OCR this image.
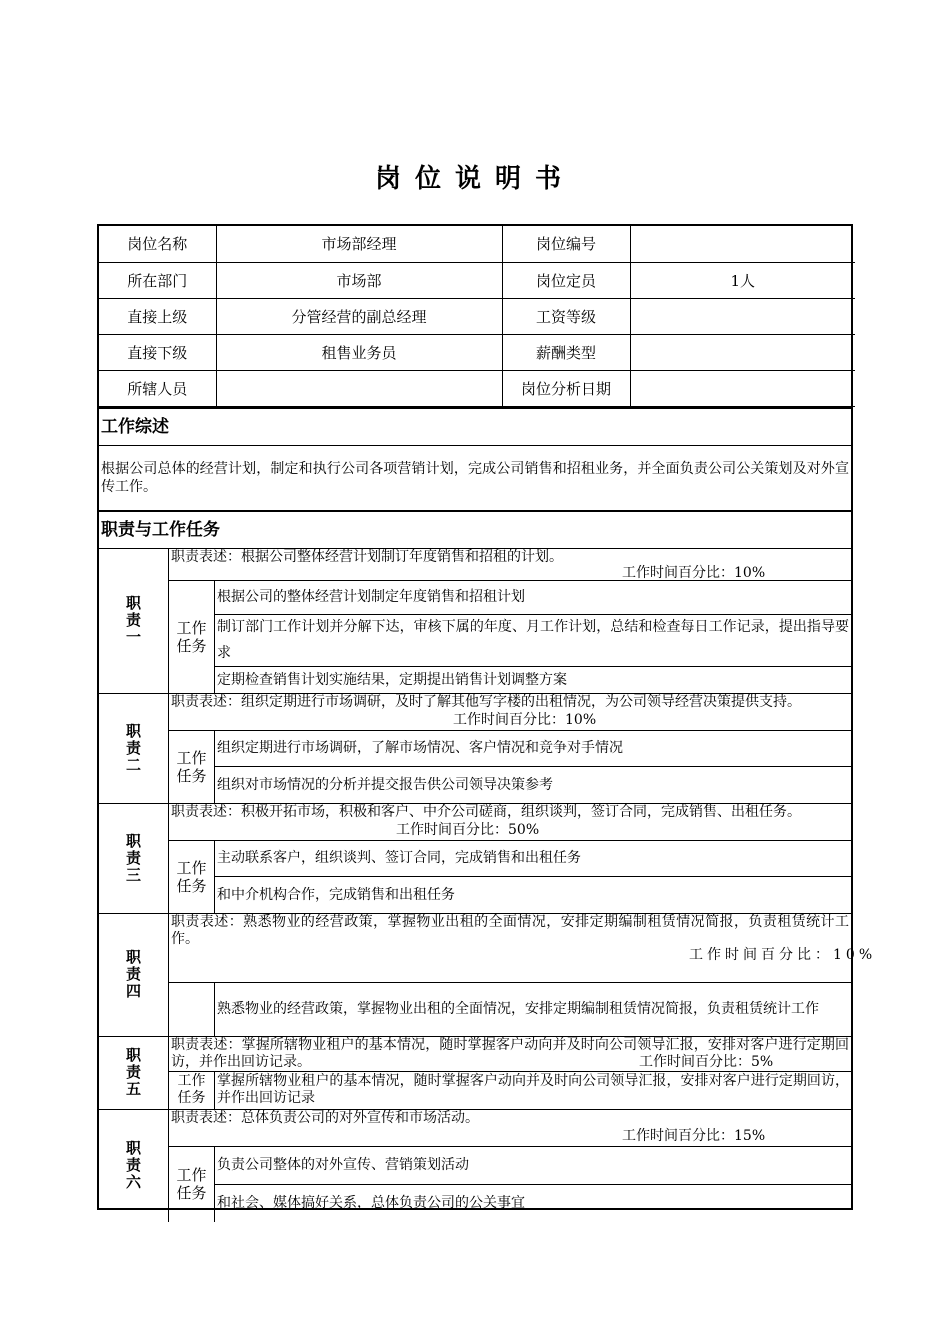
岗位说明书
岗位名称	市场部经理	岗位编号	
所在部门	市场部	岗位定员	1人
直接上级	分管经营的副总经理	工资等级	
直接下级	租售业务员	薪酬类型	
所辖人员		岗位分析日期	
工作综述
根据公司总体的经营计划，制定和执行公司各项营销计划，完成公司销售和招租业务，并全面负责公司公关策划及对外宣传工作。
职责与工作任务
职
责
一
职责表述：根据公司整体经营计划制订年度销售和招租的计划。
工作时间百分比：10%
工作
任务
根据公司的整体经营计划制定年度销售和招租计划
制订部门工作计划并分解下达，审核下属的年度、月工作计划，总结和检查每日工作记录，提出指导要求
定期检查销售计划实施结果，定期提出销售计划调整方案
职
责
二
职责表述：组织定期进行市场调研，及时了解其他写字楼的出租情况，为公司领导经营决策提供支持。
工作时间百分比：10%
工作
任务
组织定期进行市场调研，了解市场情况、客户情况和竞争对手情况
组织对市场情况的分析并提交报告供公司领导决策参考
职
责
三
职责表述：积极开拓市场，积极和客户、中介公司磋商，组织谈判，签订合同，完成销售、出租任务。
工作时间百分比：50%
工作
任务
主动联系客户，组织谈判、签订合同，完成销售和出租任务
和中介机构合作，完成销售和出租任务
职
责
四
职责表述：熟悉物业的经营政策，掌握物业出租的全面情况，安排定期编制租赁情况简报，负责租赁统计工作。
工作时间百分比：10%
熟悉物业的经营政策，掌握物业出租的全面情况，安排定期编制租赁情况简报，负责租赁统计工作
职
责
五
职责表述：掌握所辖物业租户的基本情况，随时掌握客户动向并及时向公司领导汇报，安排对客户进行定期回访，并作出回访记录。	工作时间百分比：5%
工作
任务
掌握所辖物业租户的基本情况，随时掌握客户动向并及时向公司领导汇报，安排对客户进行定期回访，并作出回访记录
职
责
六
职责表述：总体负责公司的对外宣传和市场活动。
工作时间百分比：15%
工作
任务
负责公司整体的对外宣传、营销策划活动
和社会、媒体搞好关系，总体负责公司的公关事宜
